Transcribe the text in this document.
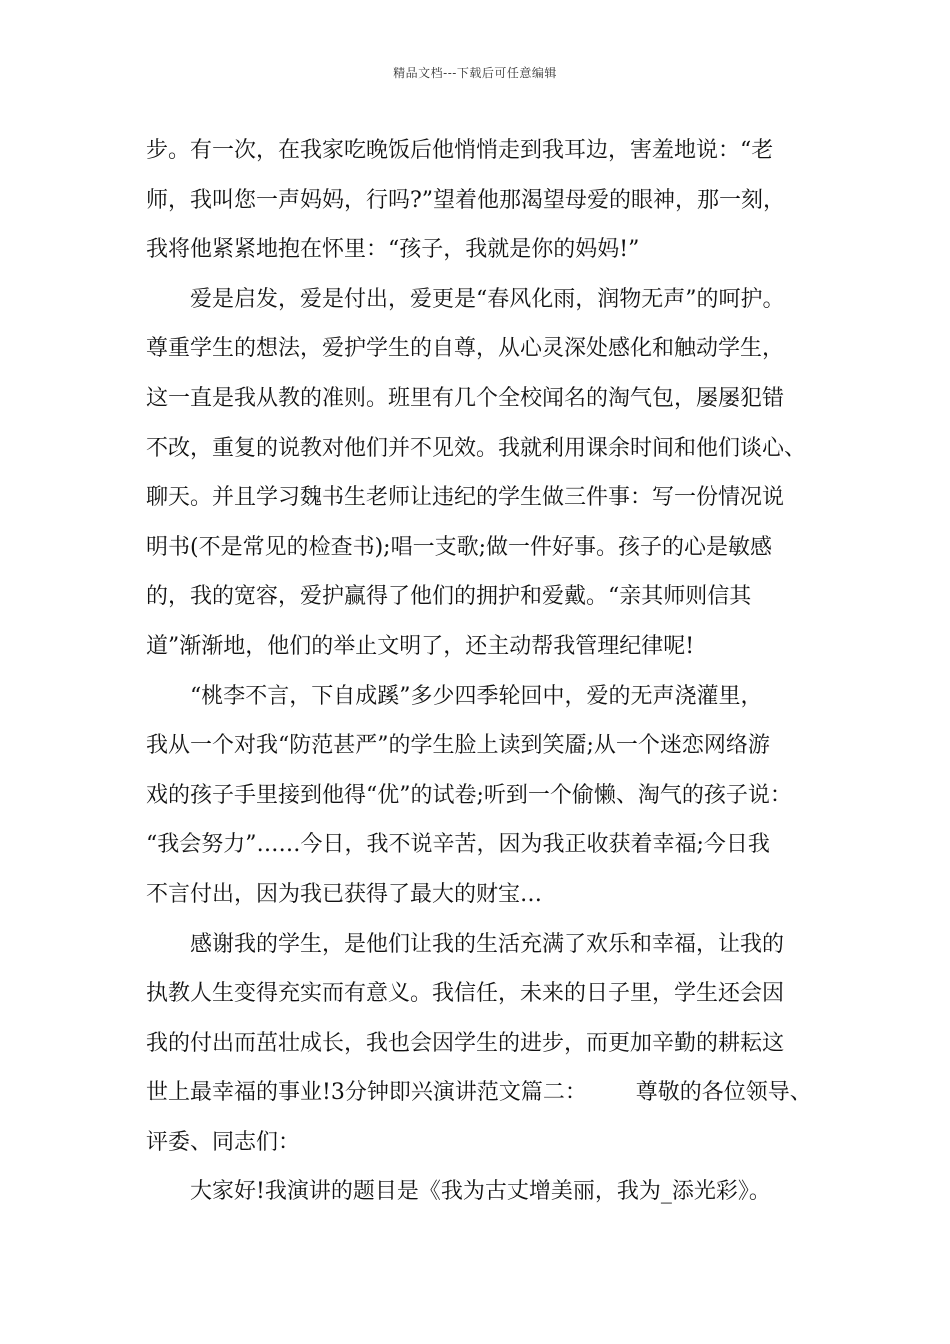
精品文档---下载后可任意编辑
步。有一次，在我家吃晚饭后他悄悄走到我耳边，害羞地说：“老
师，我叫您一声妈妈，行吗?”望着他那渴望母爱的眼神，那一刻，
我将他紧紧地抱在怀里：“孩子，我就是你的妈妈!”
爱是启发，爱是付出，爱更是“春风化雨，润物无声”的呵护。
尊重学生的想法，爱护学生的自尊，从心灵深处感化和触动学生，
这一直是我从教的准则。班里有几个全校闻名的淘气包，屡屡犯错
不改，重复的说教对他们并不见效。我就利用课余时间和他们谈心、
聊天。并且学习魏书生老师让违纪的学生做三件事：写一份情况说
明书(不是常见的检查书);唱一支歌;做一件好事。孩子的心是敏感
的，我的宽容，爱护赢得了他们的拥护和爱戴。“亲其师则信其
道”渐渐地，他们的举止文明了，还主动帮我管理纪律呢!
“桃李不言，下自成蹊”多少四季轮回中，爱的无声浇灌里，
我从一个对我“防范甚严”的学生脸上读到笑靥;从一个迷恋网络游
戏的孩子手里接到他得“优”的试卷;听到一个偷懒、淘气的孩子说：
“我会努力”……今日，我不说辛苦，因为我正收获着幸福;今日我
不言付出，因为我已获得了最大的财宝…
感谢我的学生，是他们让我的生活充满了欢乐和幸福，让我的
执教人生变得充实而有意义。我信任，未来的日子里，学生还会因
我的付出而茁壮成长，我也会因学生的进步，而更加辛勤的耕耘这
世上最幸福的事业!3分钟即兴演讲范文篇二：       尊敬的各位领导、
评委、同志们：
大家好!我演讲的题目是《我为古丈增美丽，我为_添光彩》。
